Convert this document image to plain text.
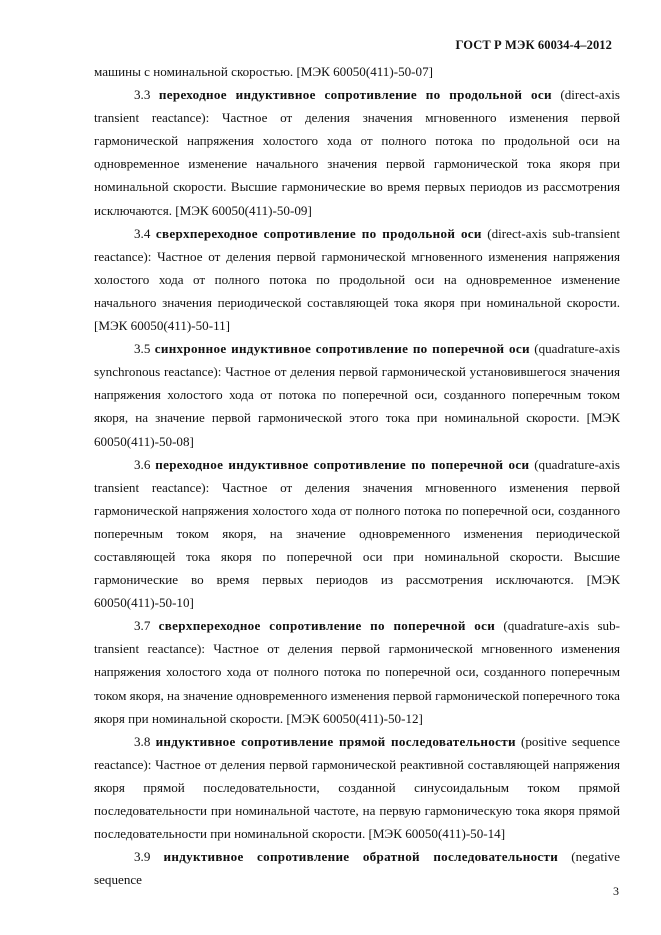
ГОСТ Р МЭК 60034-4–2012

машины с номинальной скоростью. [МЭК 60050(411)-50-07]

3.3 переходное индуктивное сопротивление по продольной оси (direct-axis transient reactance): Частное от деления значения мгновенного изменения первой гармонической напряжения холостого хода от полного потока по продольной оси на одновременное изменение начального значения первой гармонической тока якоря при номинальной скорости. Высшие гармонические во время первых периодов из рассмотрения исключаются. [МЭК 60050(411)-50-09]

3.4 сверхпереходное сопротивление по продольной оси (direct-axis sub-transient reactance): Частное от деления первой гармонической мгновенного изменения напряжения холостого хода от полного потока по продольной оси на одновременное изменение начального значения периодической составляющей тока якоря при номинальной скорости. [МЭК 60050(411)-50-11]

3.5 синхронное индуктивное сопротивление по поперечной оси (quadrature-axis synchronous reactance): Частное от деления первой гармонической установившегося значения напряжения холостого хода от потока по поперечной оси, созданного поперечным током якоря, на значение первой гармонической этого тока при номинальной скорости. [МЭК 60050(411)-50-08]

3.6 переходное индуктивное сопротивление по поперечной оси (quadrature-axis transient reactance): Частное от деления значения мгновенного изменения первой гармонической напряжения холостого хода от полного потока по поперечной оси, созданного поперечным током якоря, на значение одновременного изменения периодической составляющей тока якоря по поперечной оси при номинальной скорости. Высшие гармонические во время первых периодов из рассмотрения исключаются. [МЭК 60050(411)-50-10]

3.7 сверхпереходное сопротивление по поперечной оси (quadrature-axis sub-transient reactance): Частное от деления первой гармонической мгновенного изменения напряжения холостого хода от полного потока по поперечной оси, созданного поперечным током якоря, на значение одновременного изменения первой гармонической поперечного тока якоря при номинальной скорости. [МЭК 60050(411)-50-12]

3.8 индуктивное сопротивление прямой последовательности (positive sequence reactance): Частное от деления первой гармонической реактивной составляющей напряжения якоря прямой последовательности, созданной синусоидальным током прямой последовательности при номинальной частоте, на первую гармоническую тока якоря прямой последовательности при номинальной скорости. [МЭК 60050(411)-50-14]

3.9 индуктивное сопротивление обратной последовательности (negative sequence

3
